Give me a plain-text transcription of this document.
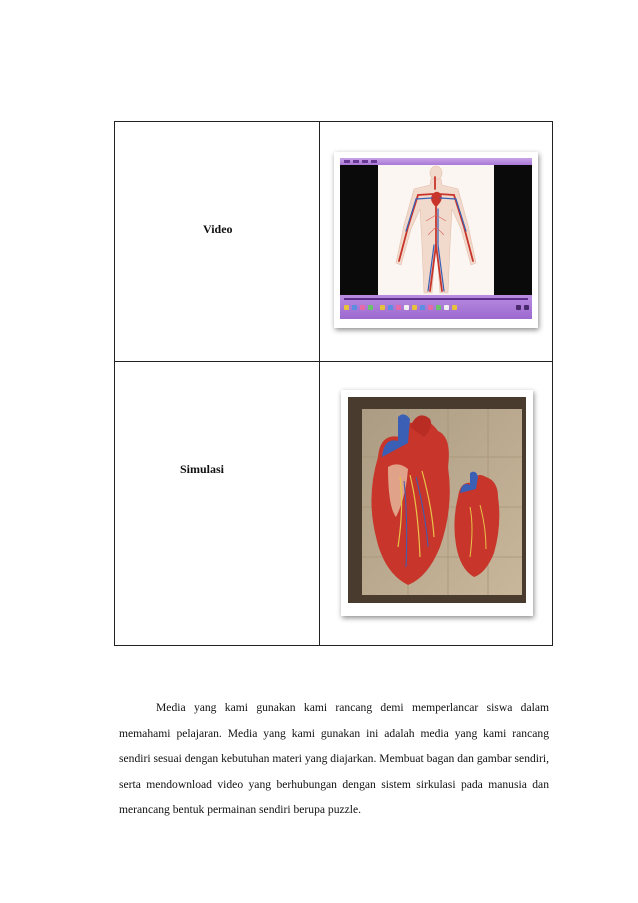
Video
Simulasi

Media yang kami gunakan kami rancang demi memperlancar siswa dalam memahami pelajaran. Media yang kami gunakan ini adalah media yang kami rancang sendiri sesuai dengan kebutuhan materi yang diajarkan. Membuat bagan dan gambar sendiri, serta mendownload video yang berhubungan dengan sistem sirkulasi pada manusia dan merancang bentuk permainan sendiri berupa puzzle.
